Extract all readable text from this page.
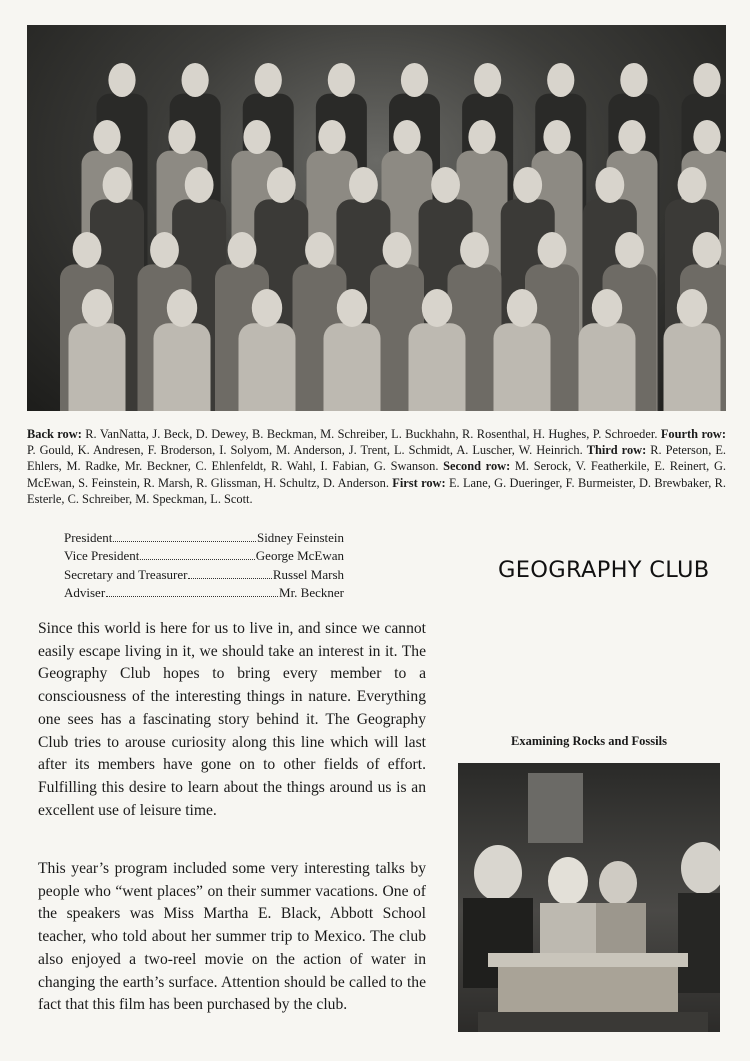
Back row: R. VanNatta, J. Beck, D. Dewey, B. Beckman, M. Schreiber, L. Buckhahn, R. Rosenthal, H. Hughes, P. Schroeder. Fourth row: P. Gould, K. Andresen, F. Broderson, I. Solyom, M. Anderson, J. Trent, L. Schmidt, A. Luscher, W. Heinrich. Third row: R. Peterson, E. Ehlers, M. Radke, Mr. Beckner, C. Ehlenfeldt, R. Wahl, I. Fabian, G. Swanson. Second row: M. Serock, V. Featherkile, E. Reinert, G. McEwan, S. Feinstein, R. Marsh, R. Glissman, H. Schultz, D. Anderson. First row: E. Lane, G. Dueringer, F. Burmeister, D. Brewbaker, R. Esterle, C. Schreiber, M. Speckman, L. Scott.

President	Sidney Feinstein
Vice President	George McEwan
Secretary and Treasurer	Russel Marsh
Adviser	Mr. Beckner
GEOGRAPHY CLUB

Since this world is here for us to live in, and since we cannot easily escape living in it, we should take an interest in it. The Geography Club hopes to bring every member to a consciousness of the interesting things in nature. Everything one sees has a fascinating story behind it. The Geography Club tries to arouse curiosity along this line which will last after its members have gone on to other fields of effort. Fulfilling this desire to learn about the things around us is an excellent use of leisure time.

This year’s program included some very interesting talks by people who “went places” on their summer vacations. One of the speakers was Miss Martha E. Black, Abbott School teacher, who told about her summer trip to Mexico. The club also enjoyed a two-reel movie on the action of water in changing the earth’s surface. Attention should be called to the fact that this film has been purchased by the club.

Examining Rocks and Fossils
